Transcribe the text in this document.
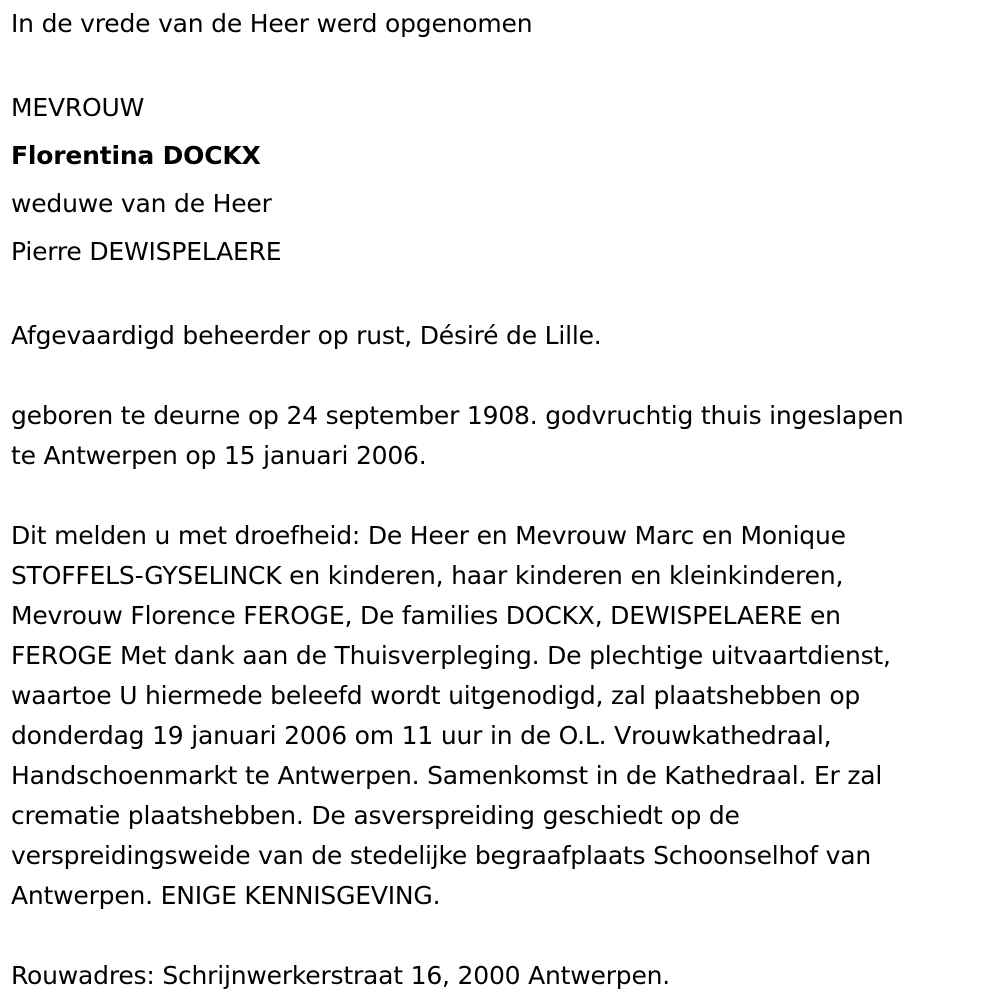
In de vrede van de Heer werd opgenomen

MEVROUW

Florentina DOCKX

weduwe van de Heer

Pierre DEWISPELAERE

Afgevaardigd beheerder op rust, Désiré de Lille.

geboren te deurne op 24 september 1908. godvruchtig thuis ingeslapen

te Antwerpen op 15 januari 2006.

Dit melden u met droefheid: De Heer en Mevrouw Marc en Monique

STOFFELS-GYSELINCK en kinderen, haar kinderen en kleinkinderen,

Mevrouw Florence FEROGE, De families DOCKX, DEWISPELAERE en

FEROGE Met dank aan de Thuisverpleging. De plechtige uitvaartdienst,

waartoe U hiermede beleefd wordt uitgenodigd, zal plaatshebben op

donderdag 19 januari 2006 om 11 uur in de O.L. Vrouwkathedraal,

Handschoenmarkt te Antwerpen. Samenkomst in de Kathedraal. Er zal

crematie plaatshebben. De asverspreiding geschiedt op de

verspreidingsweide van de stedelijke begraafplaats Schoonselhof van

Antwerpen. ENIGE KENNISGEVING.

Rouwadres: Schrijnwerkerstraat 16, 2000 Antwerpen.
